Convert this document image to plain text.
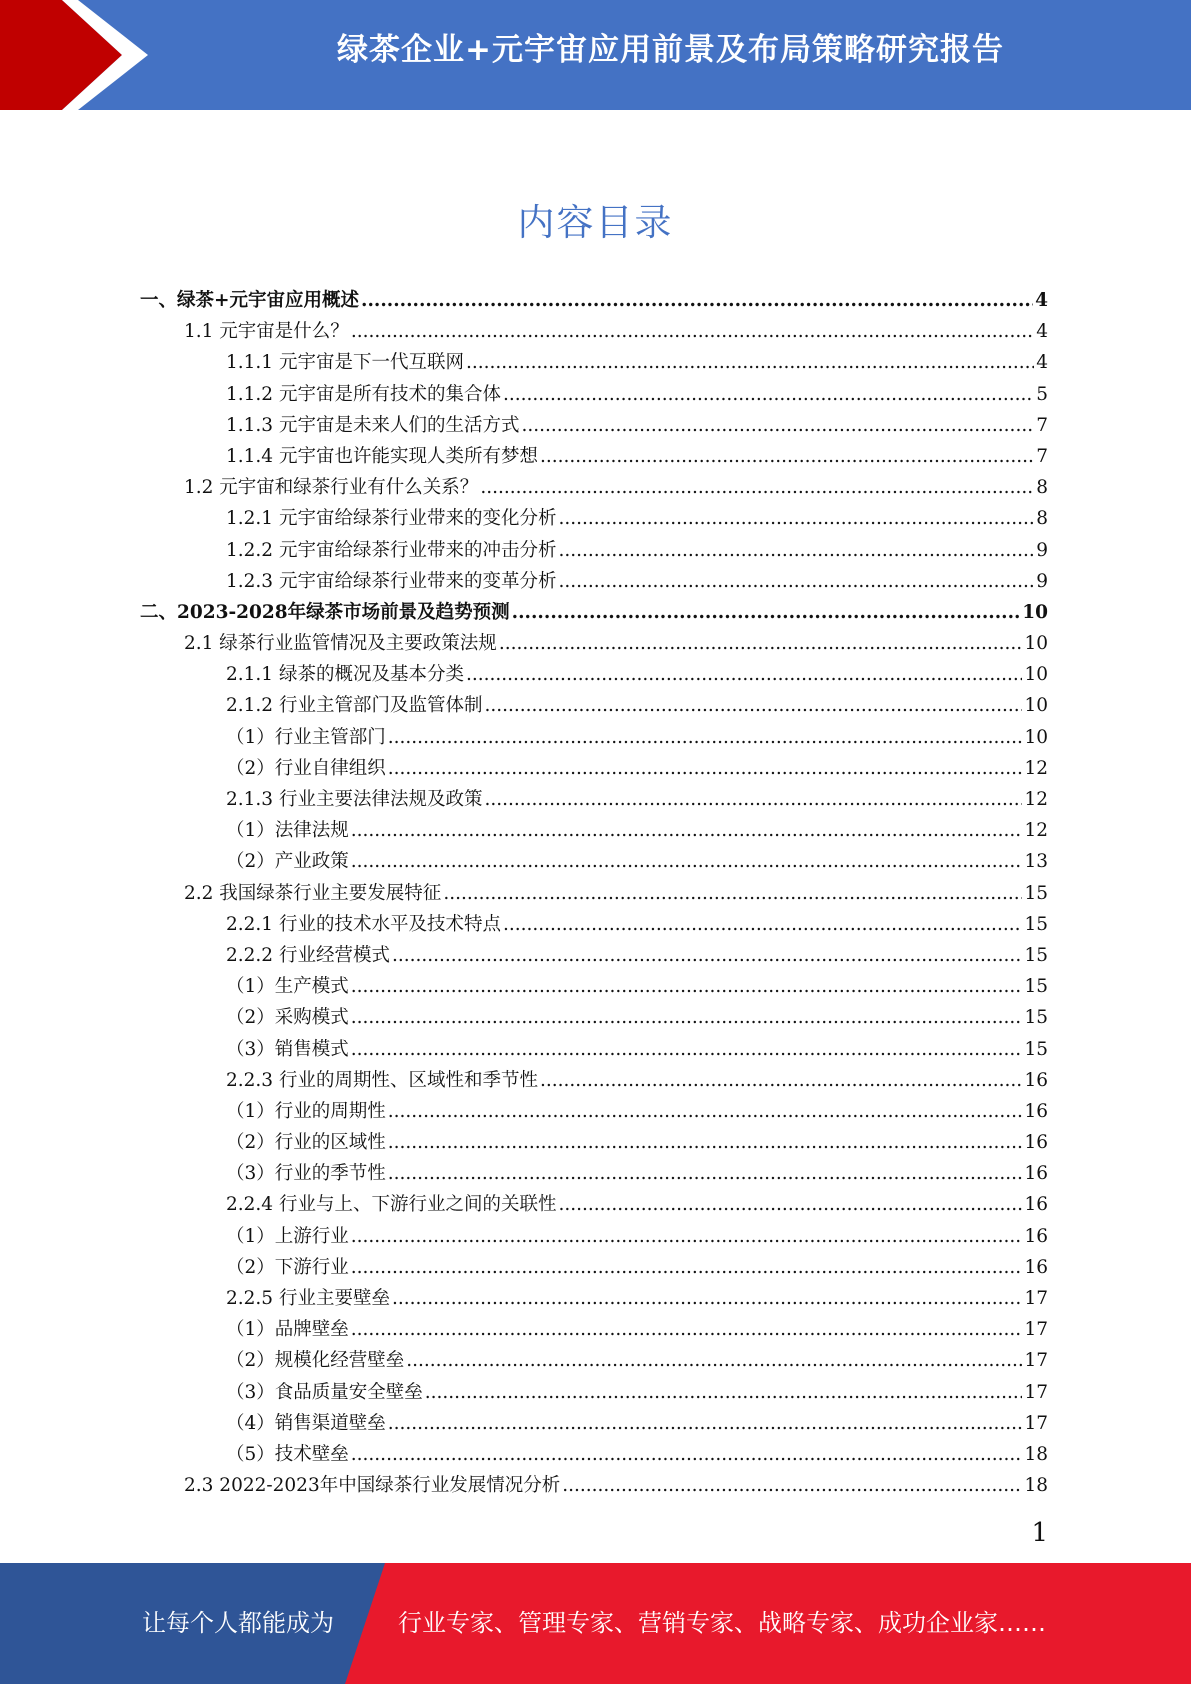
绿茶企业+元宇宙应用前景及布局策略研究报告
内容目录
一、绿茶+元宇宙应用概述 .....	4
1.1 元宇宙是什么？ .....	4
1.1.1 元宇宙是下一代互联网 .....	4
1.1.2 元宇宙是所有技术的集合体 .....	5
1.1.3 元宇宙是未来人们的生活方式 .....	7
1.1.4 元宇宙也许能实现人类所有梦想 .....	7
1.2 元宇宙和绿茶行业有什么关系？ .....	8
1.2.1 元宇宙给绿茶行业带来的变化分析 .....	8
1.2.2 元宇宙给绿茶行业带来的冲击分析 .....	9
1.2.3 元宇宙给绿茶行业带来的变革分析 .....	9
二、2023-2028年绿茶市场前景及趋势预测 .....	10
2.1 绿茶行业监管情况及主要政策法规 .....	10
2.1.1 绿茶的概况及基本分类 .....	10
2.1.2 行业主管部门及监管体制 .....	10
（1）行业主管部门 .....	10
（2）行业自律组织 .....	12
2.1.3 行业主要法律法规及政策 .....	12
（1）法律法规 .....	12
（2）产业政策 .....	13
2.2 我国绿茶行业主要发展特征 .....	15
2.2.1 行业的技术水平及技术特点 .....	15
2.2.2 行业经营模式 .....	15
（1）生产模式 .....	15
（2）采购模式 .....	15
（3）销售模式 .....	15
2.2.3 行业的周期性、区域性和季节性 .....	16
（1）行业的周期性 .....	16
（2）行业的区域性 .....	16
（3）行业的季节性 .....	16
2.2.4 行业与上、下游行业之间的关联性 .....	16
（1）上游行业 .....	16
（2）下游行业 .....	16
2.2.5 行业主要壁垒 .....	17
（1）品牌壁垒 .....	17
（2）规模化经营壁垒 .....	17
（3）食品质量安全壁垒 .....	17
（4）销售渠道壁垒 .....	17
（5）技术壁垒 .....	18
2.3 2022-2023年中国绿茶行业发展情况分析 .....	18
1
让每个人都能成为	行业专家、管理专家、营销专家、战略专家、成功企业家……
